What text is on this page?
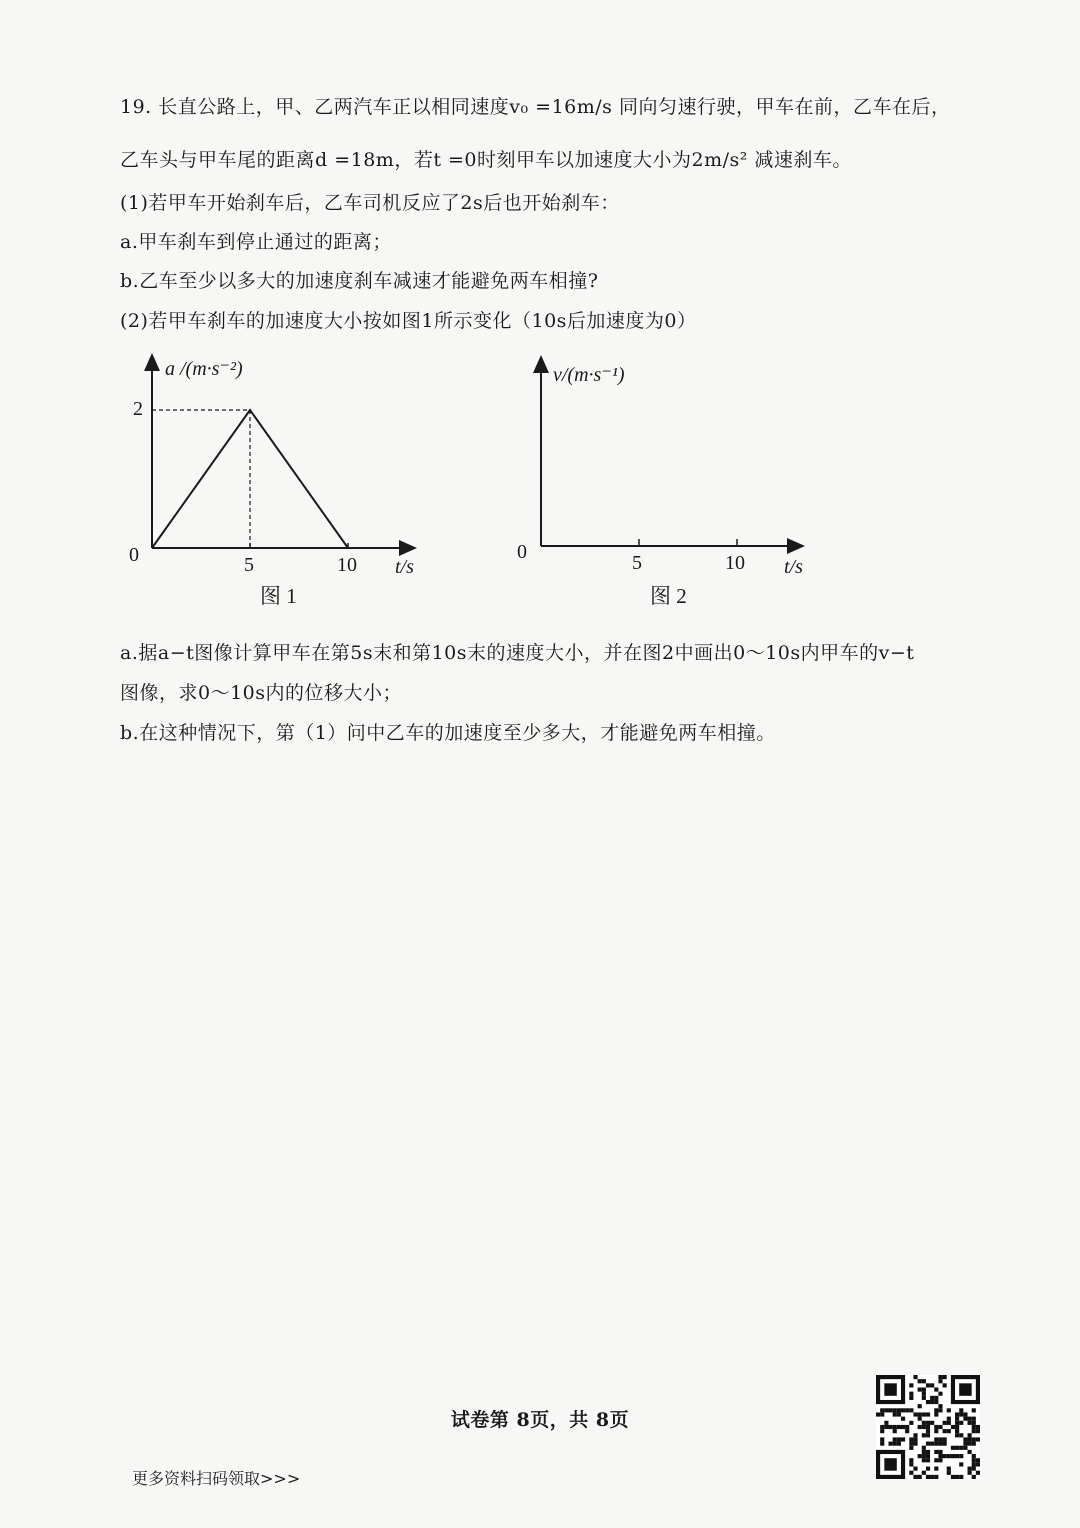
19. 长直公路上，甲、乙两汽车正以相同速度v₀ =16m/s 同向匀速行驶，甲车在前，乙车在后，
乙车头与甲车尾的距离d =18m，若t =0时刻甲车以加速度大小为2m/s² 减速刹车。
(1)若甲车开始刹车后，乙车司机反应了2s后也开始刹车：
a.甲车刹车到停止通过的距离；
b.乙车至少以多大的加速度刹车减速才能避免两车相撞?
(2)若甲车刹车的加速度大小按如图1所示变化（10s后加速度为0）
a /(m·s⁻²)
2
0	5	10 t/s
图 1
v/(m·s⁻¹)
0	5	10 t/s
图 2
a.据a−t图像计算甲车在第5s末和第10s末的速度大小，并在图2中画出0～10s内甲车的v−t
图像，求0～10s内的位移大小；
b.在这种情况下，第（1）问中乙车的加速度至少多大，才能避免两车相撞。
试卷第 8页，共 8页
更多资料扫码领取>>>
